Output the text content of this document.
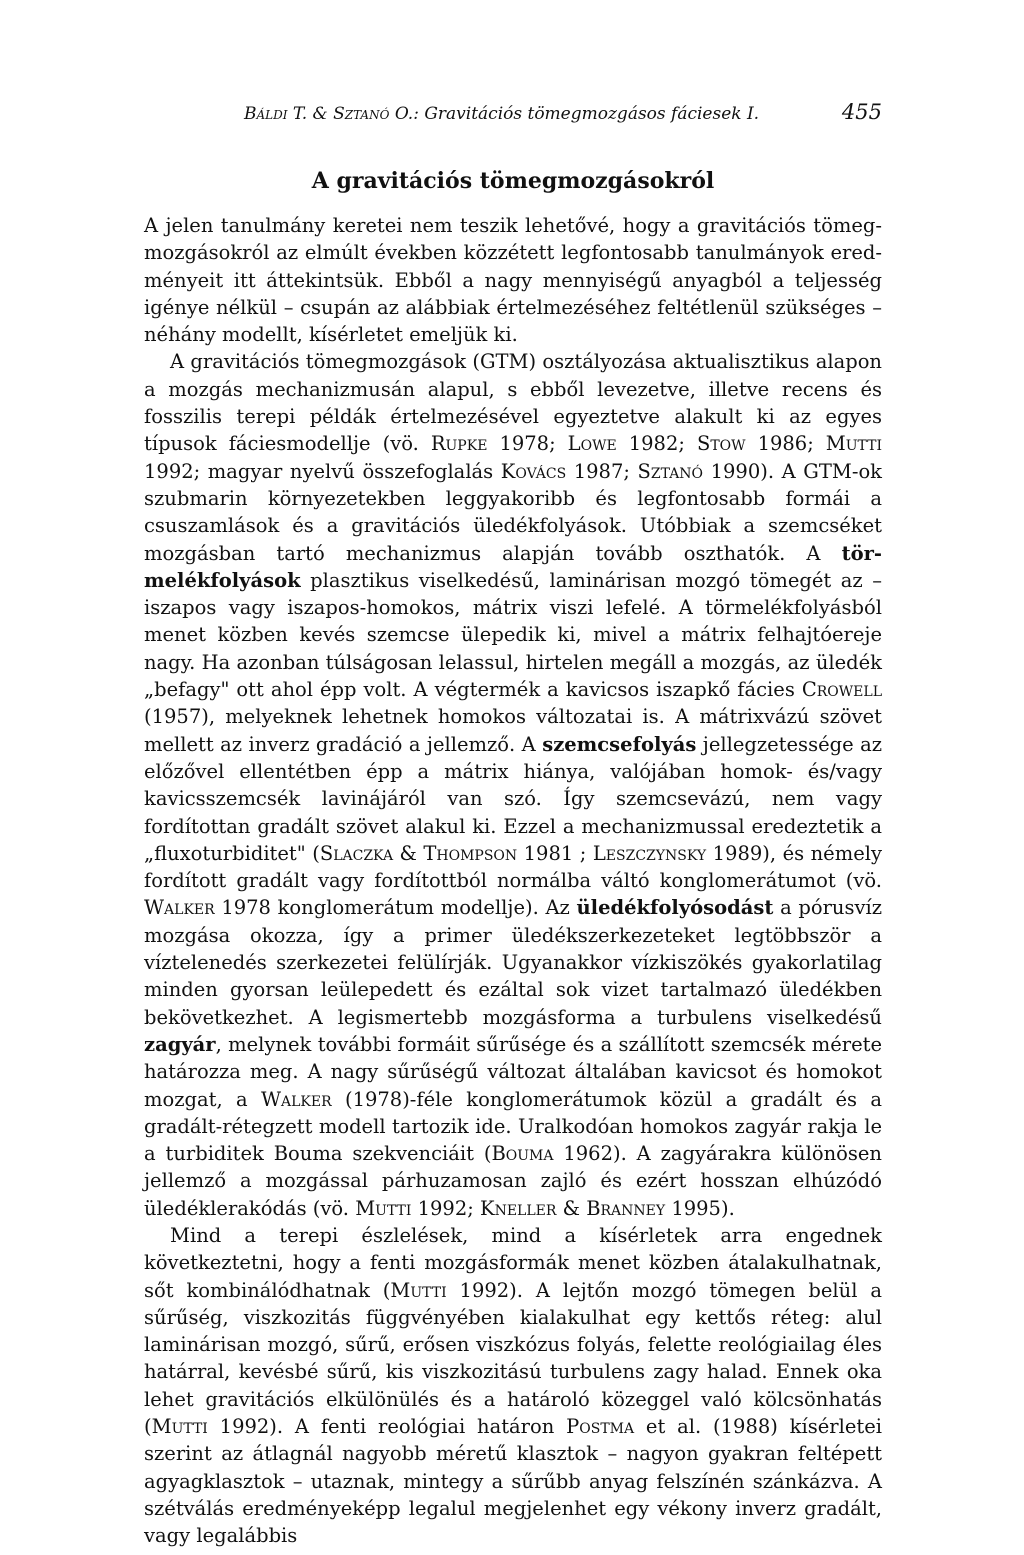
Báldi T. & Sztanó O.: Gravitációs tömegmozgásos fáciesek I.	455
A gravitációs tömegmozgásokról

A jelen tanulmány keretei nem teszik lehetővé, hogy a gravitációs tömegmozgásokról az elmúlt években közzétett legfontosabb tanulmányok eredményeit itt áttekintsük. Ebből a nagy mennyiségű anyagból a teljesség igénye nélkül – csupán az alábbiak értelmezéséhez feltétlenül szükséges – néhány modellt, kísérletet emeljük ki.

A gravitációs tömegmozgások (GTM) osztályozása aktualisztikus alapon a mozgás mechanizmusán alapul, s ebből levezetve, illetve recens és fosszilis terepi példák értelmezésével egyeztetve alakult ki az egyes típusok fáciesmodellje (vö. Rupke 1978; Lowe 1982; Stow 1986; Mutti 1992; magyar nyelvű összefoglalás Kovács 1987; Sztanó 1990). A GTM-ok szubmarin környezetekben leggyakoribb és legfontosabb formái a csuszamlások és a gravitációs üledékfolyások. Utóbbiak a szemcséket mozgásban tartó mechanizmus alapján tovább oszthatók. A törmelékfolyások plasztikus viselkedésű, laminárisan mozgó tömegét az – iszapos vagy iszapos-homokos, mátrix viszi lefelé. A törmelékfolyásból menet közben kevés szemcse ülepedik ki, mivel a mátrix felhajtóereje nagy. Ha azonban túlságosan lelassul, hirtelen megáll a mozgás, az üledék „befagy" ott ahol épp volt. A végtermék a kavicsos iszapkő fácies Crowell (1957), melyeknek lehetnek homokos változatai is. A mátrixvázú szövet mellett az inverz gradáció a jellemző. A szemcsefolyás jellegzetessége az előzővel ellentétben épp a mátrix hiánya, valójában homok- és/vagy kavicsszemcsék lavinájáról van szó. Így szemcsevázú, nem vagy fordítottan gradált szövet alakul ki. Ezzel a mechanizmussal eredeztetik a „fluxoturbiditet" (Slaczka & Thompson 1981 ; Leszczynsky 1989), és némely fordított gradált vagy fordítottból normálba váltó konglomerátumot (vö. Walker 1978 konglomerátum modellje). Az üledékfolyósodást a pórusvíz mozgása okozza, így a primer üledékszerkezeteket legtöbbször a víztelenedés szerkezetei felülírják. Ugyanakkor vízkiszökés gyakorlatilag minden gyorsan leülepedett és ezáltal sok vizet tartalmazó üledékben bekövetkezhet. A legismertebb mozgásforma a turbulens viselkedésű zagyár, melynek további formáit sűrűsége és a szállított szemcsék mérete határozza meg. A nagy sűrűségű változat általában kavicsot és homokot mozgat, a Walker (1978)-féle konglomerátumok közül a gradált és a gradált-rétegzett modell tartozik ide. Uralkodóan homokos zagyár rakja le a turbiditek Bouma szekvenciáit (Bouma 1962). A zagyárakra különösen jellemző a mozgással párhuzamosan zajló és ezért hosszan elhúzódó üledéklerakódás (vö. Mutti 1992; Kneller & Branney 1995).

Mind a terepi észlelések, mind a kísérletek arra engednek következtetni, hogy a fenti mozgásformák menet közben átalakulhatnak, sőt kombinálódhatnak (Mutti 1992). A lejtőn mozgó tömegen belül a sűrűség, viszkozitás függvényében kialakulhat egy kettős réteg: alul laminárisan mozgó, sűrű, erősen viszkózus folyás, felette reológiailag éles határral, kevésbé sűrű, kis viszkozitású turbulens zagy halad. Ennek oka lehet gravitációs elkülönülés és a határoló közeggel való kölcsönhatás (Mutti 1992). A fenti reológiai határon Postma et al. (1988) kísérletei szerint az átlagnál nagyobb méretű klasztok – nagyon gyakran feltépett agyagklasztok – utaznak, mintegy a sűrűbb anyag felszínén szánkázva. A szétválás eredményeképp legalul megjelenhet egy vékony inverz gradált, vagy legalábbis
